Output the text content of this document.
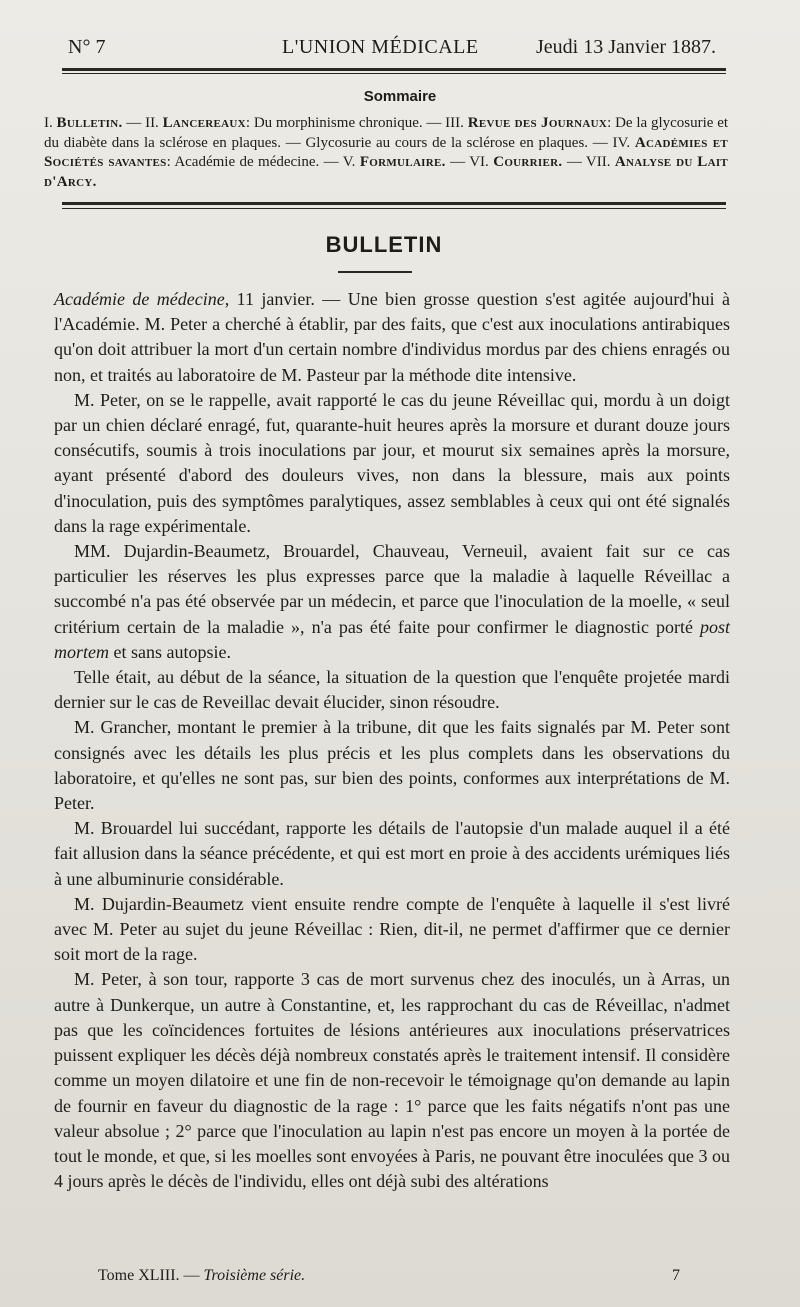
N° 7	L'UNION MÉDICALE	Jeudi 13 Janvier 1887.
Sommaire
I. Bulletin. — II. Lancereaux: Du morphinisme chronique. — III. Revue des Journaux: De la glycosurie et du diabète dans la sclérose en plaques. — Glycosurie au cours de la sclérose en plaques. — IV. Académies et Sociétés savantes: Académie de médecine. — V. Formulaire. — VI. Courrier. — VII. Analyse du Lait d'Arcy.
BULLETIN

Académie de médecine, 11 janvier. — Une bien grosse question s'est agitée aujourd'hui à l'Académie. M. Peter a cherché à établir, par des faits, que c'est aux inoculations antirabiques qu'on doit attribuer la mort d'un certain nombre d'individus mordus par des chiens enragés ou non, et traités au laboratoire de M. Pasteur par la méthode dite intensive.

M. Peter, on se le rappelle, avait rapporté le cas du jeune Réveillac qui, mordu à un doigt par un chien déclaré enragé, fut, quarante-huit heures après la morsure et durant douze jours consécutifs, soumis à trois inoculations par jour, et mourut six semaines après la morsure, ayant présenté d'abord des douleurs vives, non dans la blessure, mais aux points d'inoculation, puis des symptômes paralytiques, assez semblables à ceux qui ont été signalés dans la rage expérimentale.

MM. Dujardin-Beaumetz, Brouardel, Chauveau, Verneuil, avaient fait sur ce cas particulier les réserves les plus expresses parce que la maladie à laquelle Réveillac a succombé n'a pas été observée par un médecin, et parce que l'inoculation de la moelle, « seul critérium certain de la maladie », n'a pas été faite pour confirmer le diagnostic porté post mortem et sans autopsie.

Telle était, au début de la séance, la situation de la question que l'enquête projetée mardi dernier sur le cas de Reveillac devait élucider, sinon résoudre.

M. Grancher, montant le premier à la tribune, dit que les faits signalés par M. Peter sont consignés avec les détails les plus précis et les plus complets dans les observations du laboratoire, et qu'elles ne sont pas, sur bien des points, conformes aux interprétations de M. Peter.

M. Brouardel lui succédant, rapporte les détails de l'autopsie d'un malade auquel il a été fait allusion dans la séance précédente, et qui est mort en proie à des accidents urémiques liés à une albuminurie considérable.

M. Dujardin-Beaumetz vient ensuite rendre compte de l'enquête à laquelle il s'est livré avec M. Peter au sujet du jeune Réveillac : Rien, dit-il, ne permet d'affirmer que ce dernier soit mort de la rage.

M. Peter, à son tour, rapporte 3 cas de mort survenus chez des inoculés, un à Arras, un autre à Dunkerque, un autre à Constantine, et, les rapprochant du cas de Réveillac, n'admet pas que les coïncidences fortuites de lésions antérieures aux inoculations préservatrices puissent expliquer les décès déjà nombreux constatés après le traitement intensif. Il considère comme un moyen dilatoire et une fin de non-recevoir le témoignage qu'on demande au lapin de fournir en faveur du diagnostic de la rage : 1° parce que les faits négatifs n'ont pas une valeur absolue ; 2° parce que l'inoculation au lapin n'est pas encore un moyen à la portée de tout le monde, et que, si les moelles sont envoyées à Paris, ne pouvant être inoculées que 3 ou 4 jours après le décès de l'individu, elles ont déjà subi des altérations

Tome XLIII. — Troisième série.	7
